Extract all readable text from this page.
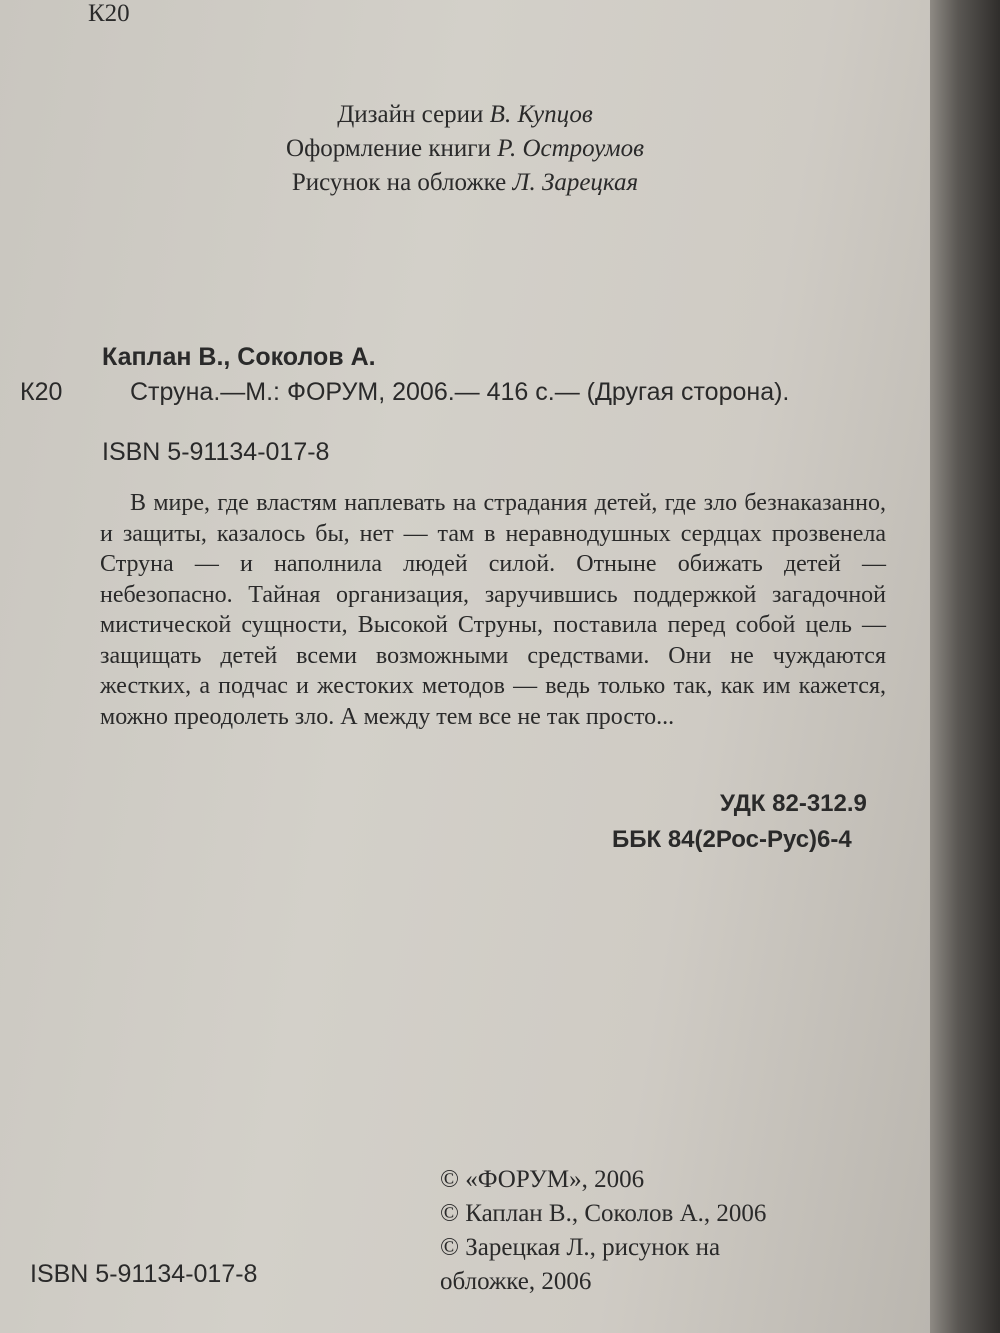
К20
Дизайн серии В. Купцов
Оформление книги Р. Остроумов
Рисунок на обложке Л. Зарецкая
Каплан В., Соколов А.
К20	Струна.—М.: ФОРУМ, 2006.— 416 с.— (Другая сторона).
ISBN 5-91134-017-8
В мире, где властям наплевать на страдания детей, где зло безнаказанно, и защиты, казалось бы, нет — там в неравнодушных сердцах прозвенела Струна — и наполнила людей силой. Отныне обижать детей — небезопасно. Тайная организация, заручившись поддержкой загадочной мистической сущности, Высокой Струны, поставила перед собой цель — защищать детей всеми возможными средствами. Они не чуждаются жестких, а подчас и жестоких методов — ведь только так, как им кажется, можно преодолеть зло. А между тем все не так просто...
УДК 82-312.9
ББК 84(2Рос-Рус)6-4
© «ФОРУМ», 2006
© Каплан В., Соколов А., 2006
© Зарецкая Л., рисунок на
обложке, 2006
ISBN 5-91134-017-8
